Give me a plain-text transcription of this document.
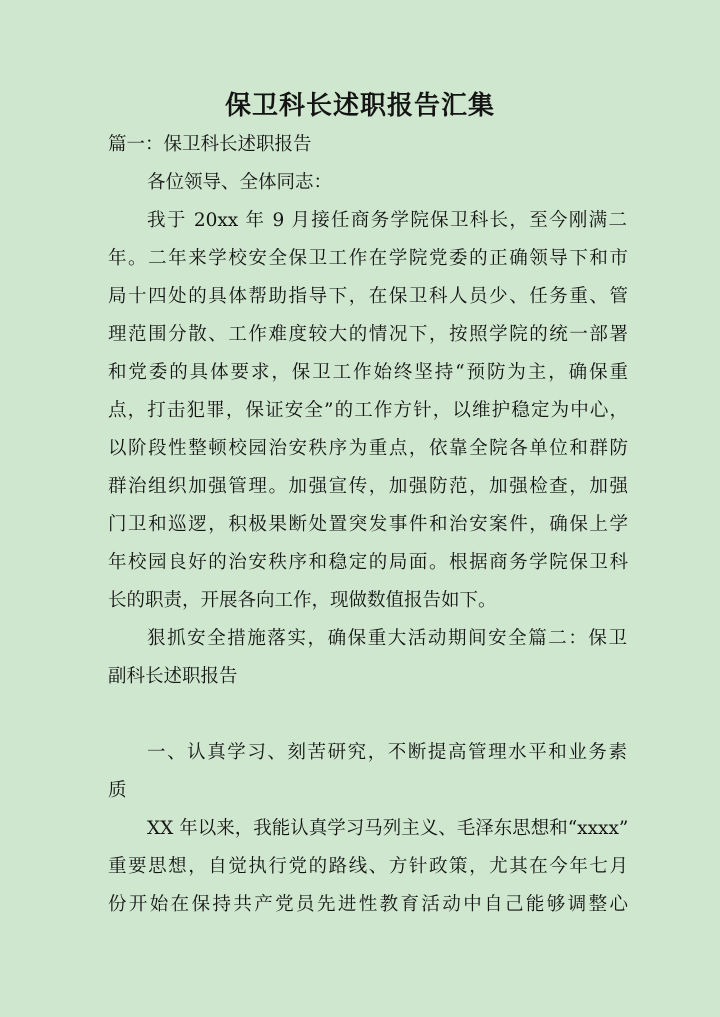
保卫科长述职报告汇集
篇一：保卫科长述职报告
各位领导、全体同志：
我于 20xx 年 9 月接任商务学院保卫科长，至今刚满二
年。二年来学校安全保卫工作在学院党委的正确领导下和市
局十四处的具体帮助指导下，在保卫科人员少、任务重、管
理范围分散、工作难度较大的情况下，按照学院的统一部署
和党委的具体要求，保卫工作始终坚持“预防为主，确保重
点，打击犯罪，保证安全”的工作方针，以维护稳定为中心，
以阶段性整顿校园治安秩序为重点，依靠全院各单位和群防
群治组织加强管理。加强宣传，加强防范，加强检查，加强
门卫和巡逻，积极果断处置突发事件和治安案件，确保上学
年校园良好的治安秩序和稳定的局面。根据商务学院保卫科
长的职责，开展各向工作，现做数值报告如下。
狠抓安全措施落实，确保重大活动期间安全篇二：保卫
副科长述职报告
一、认真学习、刻苦研究，不断提高管理水平和业务素
质
XX 年以来，我能认真学习马列主义、毛泽东思想和“xxxx”
重要思想，自觉执行党的路线、方针政策，尤其在今年七月
份开始在保持共产党员先进性教育活动中自己能够调整心
